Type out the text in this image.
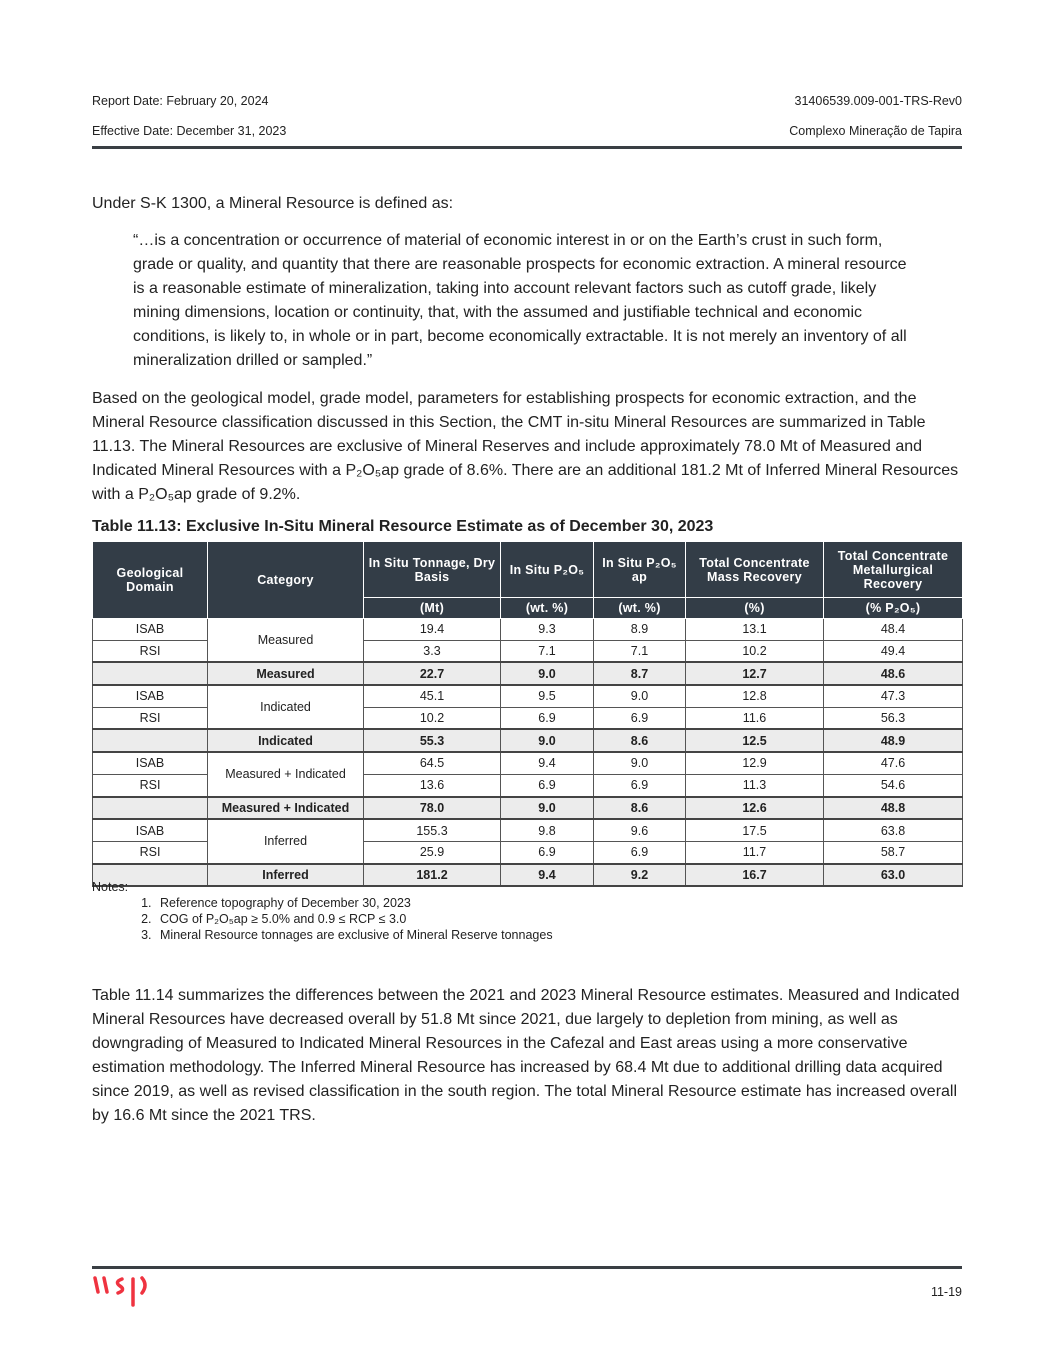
Report Date: February 20, 2024	31406539.009-001-TRS-Rev0
Effective Date: December 31, 2023	Complexo Mineração de Tapira
Under S-K 1300, a Mineral Resource is defined as:
“…is a concentration or occurrence of material of economic interest in or on the Earth’s crust in such form, grade or quality, and quantity that there are reasonable prospects for economic extraction. A mineral resource is a reasonable estimate of mineralization, taking into account relevant factors such as cutoff grade, likely mining dimensions, location or continuity, that, with the assumed and justifiable technical and economic conditions, is likely to, in whole or in part, become economically extractable. It is not merely an inventory of all mineralization drilled or sampled.”
Based on the geological model, grade model, parameters for establishing prospects for economic extraction, and the Mineral Resource classification discussed in this Section, the CMT in-situ Mineral Resources are summarized in Table 11.13. The Mineral Resources are exclusive of Mineral Reserves and include approximately 78.0 Mt of Measured and Indicated Mineral Resources with a P₂O₅ap grade of 8.6%. There are an additional 181.2 Mt of Inferred Mineral Resources with a P₂O₅ap grade of 9.2%.
Table 11.13: Exclusive In-Situ Mineral Resource Estimate as of December 30, 2023
Geological Domain	Category	In Situ Tonnage, Dry Basis	In Situ P₂O₅	In Situ P₂O₅ ap	Total Concentrate Mass Recovery	Total Concentrate Metallurgical Recovery
		(Mt)	(wt. %)	(wt. %)	(%)	(% P₂O₅)
ISAB	Measured	19.4	9.3	8.9	13.1	48.4
RSI		3.3	7.1	7.1	10.2	49.4
	Measured	22.7	9.0	8.7	12.7	48.6
ISAB	Indicated	45.1	9.5	9.0	12.8	47.3
RSI		10.2	6.9	6.9	11.6	56.3
	Indicated	55.3	9.0	8.6	12.5	48.9
ISAB	Measured + Indicated	64.5	9.4	9.0	12.9	47.6
RSI		13.6	6.9	6.9	11.3	54.6
	Measured + Indicated	78.0	9.0	8.6	12.6	48.8
ISAB	Inferred	155.3	9.8	9.6	17.5	63.8
RSI		25.9	6.9	6.9	11.7	58.7
	Inferred	181.2	9.4	9.2	16.7	63.0
Notes:
1. Reference topography of December 30, 2023
2. COG of P₂O₅ap ≥ 5.0% and 0.9 ≤ RCP ≤ 3.0
3. Mineral Resource tonnages are exclusive of Mineral Reserve tonnages
Table 11.14 summarizes the differences between the 2021 and 2023 Mineral Resource estimates. Measured and Indicated Mineral Resources have decreased overall by 51.8 Mt since 2021, due largely to depletion from mining, as well as downgrading of Measured to Indicated Mineral Resources in the Cafezal and East areas using a more conservative estimation methodology. The Inferred Mineral Resource has increased by 68.4 Mt due to additional drilling data acquired since 2019, as well as revised classification in the south region. The total Mineral Resource estimate has increased overall by 16.6 Mt since the 2021 TRS.
11-19
